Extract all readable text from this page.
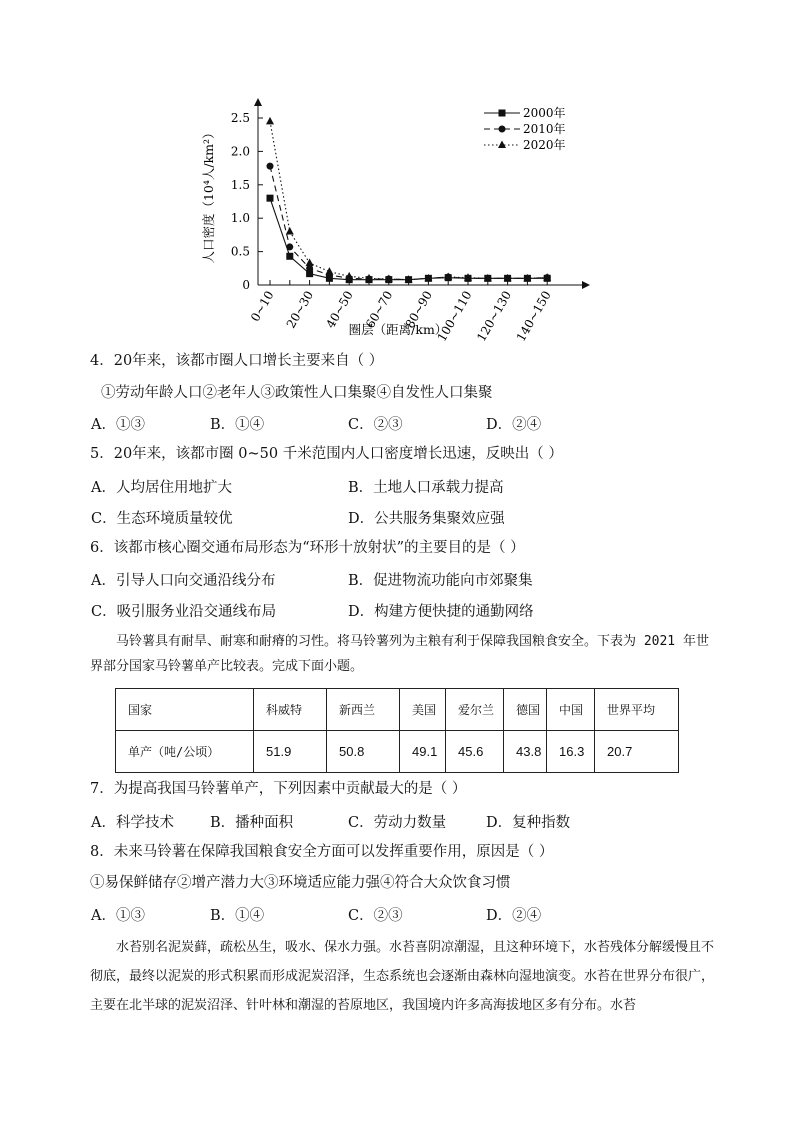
0
0.5
1.0
1.5
2.0
2.5
0~10 20~30 40~50 60~70 80~90 100~110 120~130 140~150
2000年
2010年
2020年
人口密度（10⁴人/km²）
圈层（距离/km）
4．20年来，该都市圈人口增长主要来自（ ）
①劳动年龄人口②老年人③政策性人口集聚④自发性人口集聚
A．①③	B．①④	C．②③	D．②④
5．20年来，该都市圈 0~50 千米范围内人口密度增长迅速，反映出（ ）
A．人均居住用地扩大	B．土地人口承载力提高
C．生态环境质量较优	D．公共服务集聚效应强
6．该都市核心圈交通布局形态为“环形十放射状”的主要目的是（ ）
A．引导人口向交通沿线分布	B．促进物流功能向市郊聚集
C．吸引服务业沿交通线布局	D．构建方便快捷的通勤网络
马铃薯具有耐旱、耐寒和耐瘠的习性。将马铃薯列为主粮有利于保障我国粮食安全。下表为 2021 年世界部分国家马铃薯单产比较表。完成下面小题。
国家	科威特	新西兰	美国	爱尔兰	德国	中国	世界平均
单产（吨/公顷）	51.9	50.8	49.1	45.6	43.8	16.3	20.7
7．为提高我国马铃薯单产，下列因素中贡献最大的是（ ）
A．科学技术 B．播种面积	C．劳动力数量	D．复种指数
8．未来马铃薯在保障我国粮食安全方面可以发挥重要作用，原因是（ ）
①易保鲜储存②增产潜力大③环境适应能力强④符合大众饮食习惯
A．①③	B．①④	C．②③	D．②④
水苔别名泥炭藓，疏松丛生，吸水、保水力强。水苔喜阴凉潮湿，且这种环境下，水苔残体分解缓慢且不彻底，最终以泥炭的形式积累而形成泥炭沼泽，生态系统也会逐渐由森林向湿地演变。水苔在世界分布很广，主要在北半球的泥炭沼泽、针叶林和潮湿的苔原地区，我国境内许多高海拔地区多有分布。水苔
